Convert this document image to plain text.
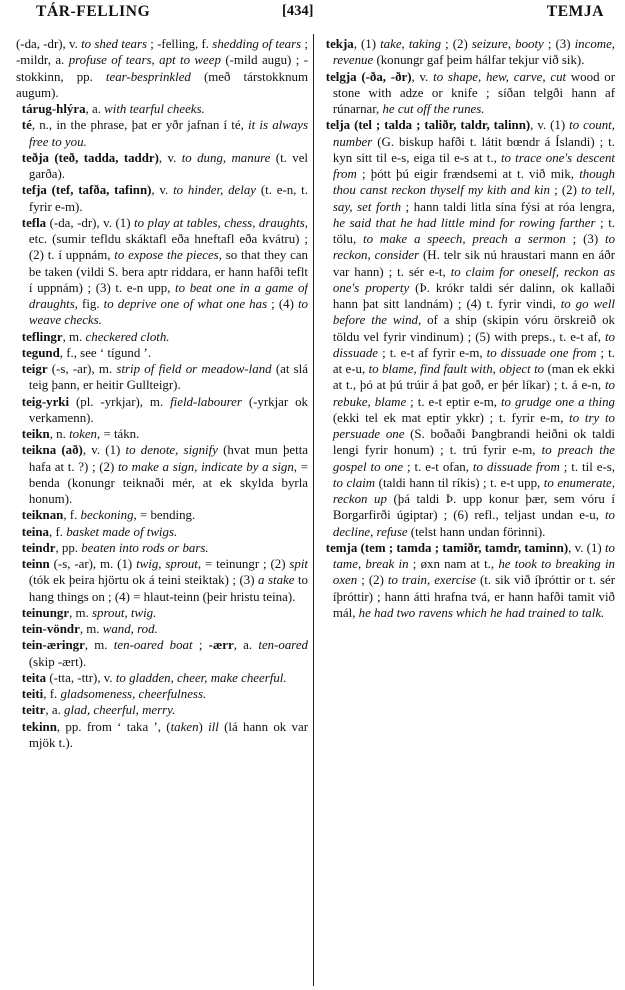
TÁR-FELLING	[434]	TEMJA

(-da, -dr), v. to shed tears ; -felling, f. shedding of tears ; -mildr, a. profuse of tears, apt to weep (-mild augu) ; -stokkinn, pp. tear-besprinkled (með társtokknum augum).

tárug-hlýra, a. with tearful cheeks.

té, n., in the phrase, þat er yðr jafnan í té, it is always free to you.

teðja (teð, tadda, taddr), v. to dung, manure (t. vel garða).

tefja (tef, tafða, tafinn), v. to hinder, delay (t. e-n, t. fyrir e-m).

tefla (-da, -dr), v. (1) to play at tables, chess, draughts, etc. (sumir tefldu skáktafl eða hneftafl eða kvátru) ; (2) t. í uppnám, to expose the pieces, so that they can be taken (vildi S. bera aptr riddara, er hann hafði teflt í uppnám) ; (3) t. e-n upp, to beat one in a game of draughts, fig. to deprive one of what one has ; (4) to weave checks.

teflingr, m. checkered cloth.

tegund, f., see ‘ tígund ’.

teigr (-s, -ar), m. strip of field or meadow-land (at slá teig þann, er heitir Gullteigr).

teig-yrki (pl. -yrkjar), m. field-labourer (-yrkjar ok verkamenn).

teikn, n. token, = tákn.

teikna (að), v. (1) to denote, signify (hvat mun þetta hafa at t. ?) ; (2) to make a sign, indicate by a sign, = benda (konungr teiknaði mér, at ek skylda byrla honum).

teiknan, f. beckoning, = bending.

teina, f. basket made of twigs.

teindr, pp. beaten into rods or bars.

teinn (-s, -ar), m. (1) twig, sprout, = teinungr ; (2) spit (tók ek þeira hjörtu ok á teini steiktak) ; (3) a stake to hang things on ; (4) = hlaut-teinn (þeir hristu teina).

teinungr, m. sprout, twig.

tein-vöndr, m. wand, rod.

tein-æringr, m. ten-oared boat ; -ærr, a. ten-oared (skip -ært).

teita (-tta, -ttr), v. to gladden, cheer, make cheerful.

teiti, f. gladsomeness, cheerfulness.

teitr, a. glad, cheerful, merry.

tekinn, pp. from ‘ taka ’, (taken) ill (lá hann ok var mjök t.).

tekja, (1) take, taking ; (2) seizure, booty ; (3) income, revenue (konungr gaf þeim hálfar tekjur við sik).

telgja (-ða, -ðr), v. to shape, hew, carve, cut wood or stone with adze or knife ; síðan telgði hann af rúnarnar, he cut off the runes.

telja (tel ; talda ; taliðr, taldr, talinn), v. (1) to count, number (G. biskup hafði t. látit bœndr á Íslandi) ; t. kyn sitt til e-s, eiga til e-s at t., to trace one's descent from ; þótt þú eigir frændsemi at t. við mik, though thou canst reckon thyself my kith and kin ; (2) to tell, say, set forth ; hann taldi litla sína fýsi at róa lengra, he said that he had little mind for rowing farther ; t. tölu, to make a speech, preach a sermon ; (3) to reckon, consider (H. telr sik nú hraustari mann en áðr var hann) ; t. sér e-t, to claim for oneself, reckon as one's property (Þ. krókr taldi sér dalinn, ok kallaði hann þat sitt landnám) ; (4) t. fyrir vindi, to go well before the wind, of a ship (skipin vóru örskreið ok töldu vel fyrir vindinum) ; (5) with preps., t. e-t af, to dissuade ; t. e-t af fyrir e-m, to dissuade one from ; t. at e-u, to blame, find fault with, object to (man ek ekki at t., þó at þú trúir á þat goð, er þér líkar) ; t. á e-n, to rebuke, blame ; t. e-t eptir e-m, to grudge one a thing (ekki tel ek mat eptir ykkr) ; t. fyrir e-m, to try to persuade one (S. boðaði Þangbrandi heiðni ok taldi lengi fyrir honum) ; t. trú fyrir e-m, to preach the gospel to one ; t. e-t ofan, to dissuade from ; t. til e-s, to claim (taldi hann til ríkis) ; t. e-t upp, to enumerate, reckon up (þá taldi Þ. upp konur þær, sem vóru í Borgarfirði úgiptar) ; (6) refl., teljast undan e-u, to decline, refuse (telst hann undan förinni).

temja (tem ; tamda ; tamiðr, tamdr, taminn), v. (1) to tame, break in ; øxn nam at t., he took to breaking in oxen ; (2) to train, exercise (t. sik við íþróttir or t. sér íþróttir) ; hann átti hrafna tvá, er hann hafði tamit við mál, he had two ravens which he had trained to talk.
